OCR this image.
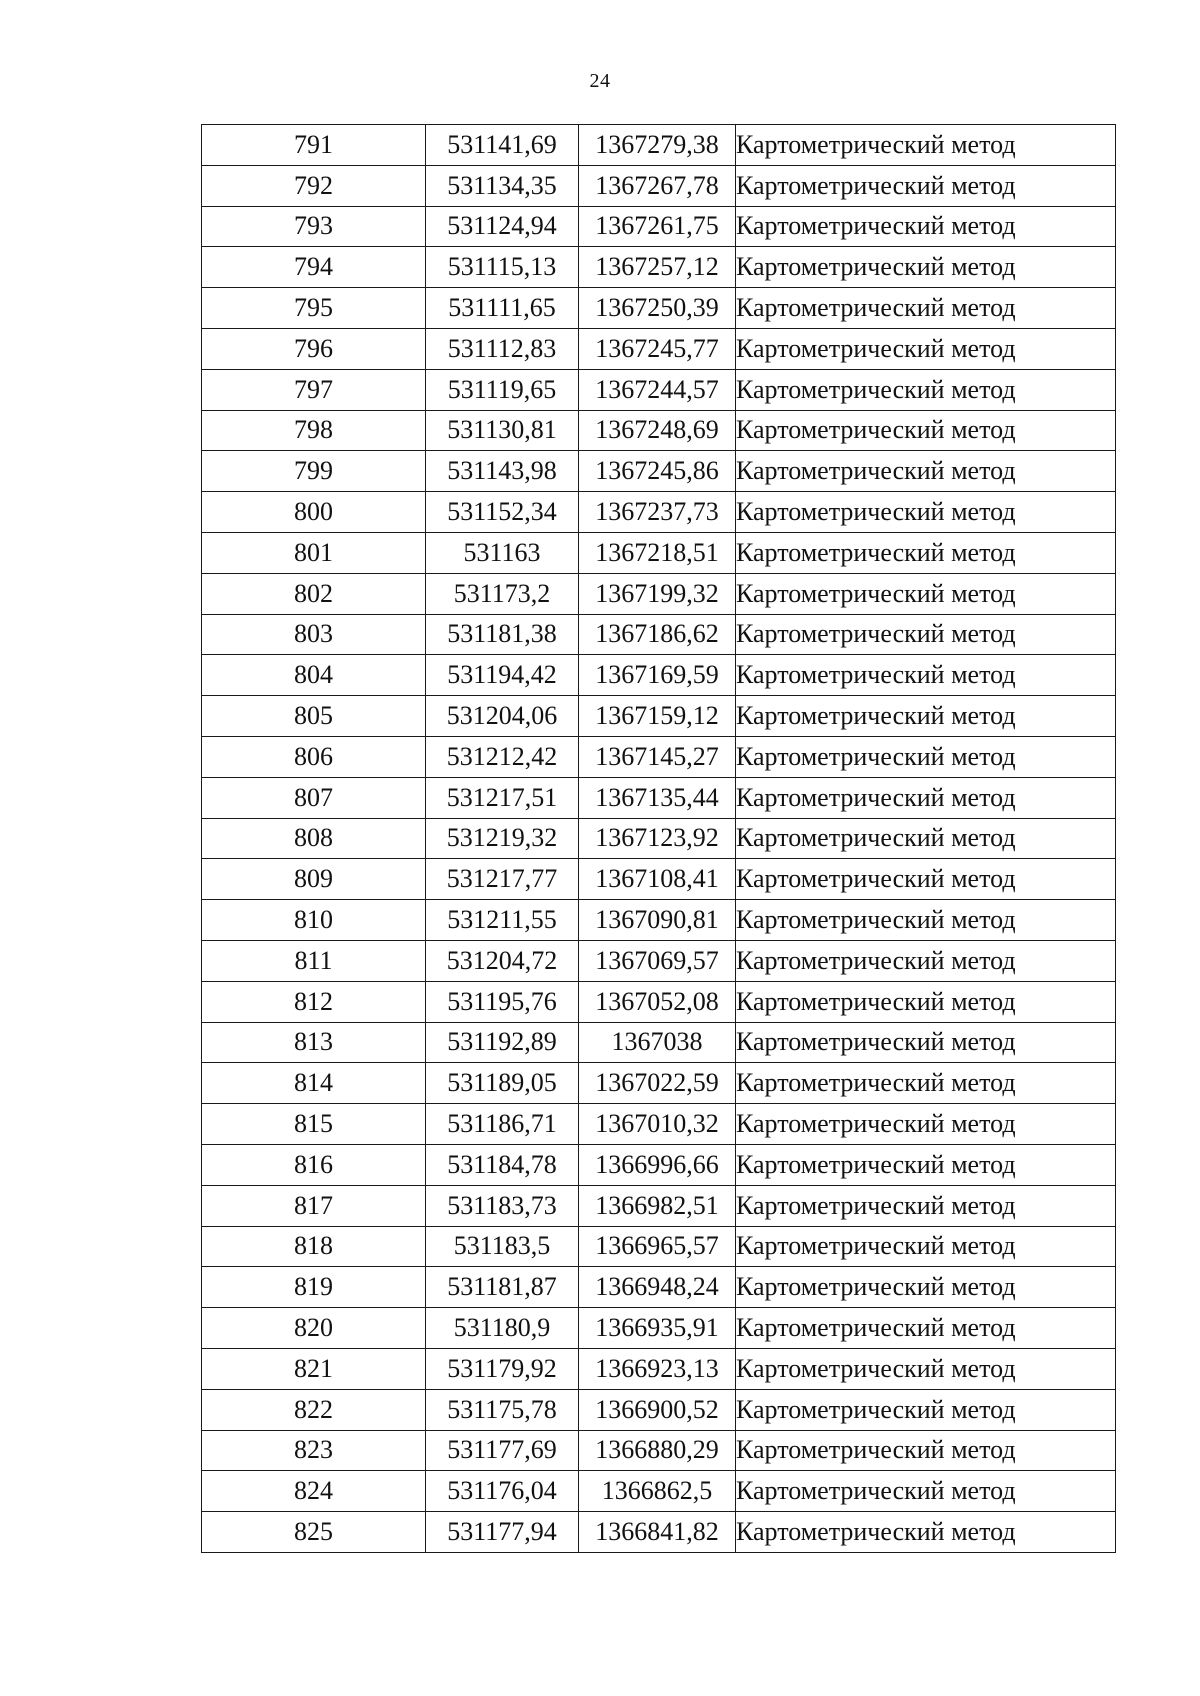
24
791	531141,69	1367279,38	Картометрический метод
792	531134,35	1367267,78	Картометрический метод
793	531124,94	1367261,75	Картометрический метод
794	531115,13	1367257,12	Картометрический метод
795	531111,65	1367250,39	Картометрический метод
796	531112,83	1367245,77	Картометрический метод
797	531119,65	1367244,57	Картометрический метод
798	531130,81	1367248,69	Картометрический метод
799	531143,98	1367245,86	Картометрический метод
800	531152,34	1367237,73	Картометрический метод
801	531163	1367218,51	Картометрический метод
802	531173,2	1367199,32	Картометрический метод
803	531181,38	1367186,62	Картометрический метод
804	531194,42	1367169,59	Картометрический метод
805	531204,06	1367159,12	Картометрический метод
806	531212,42	1367145,27	Картометрический метод
807	531217,51	1367135,44	Картометрический метод
808	531219,32	1367123,92	Картометрический метод
809	531217,77	1367108,41	Картометрический метод
810	531211,55	1367090,81	Картометрический метод
811	531204,72	1367069,57	Картометрический метод
812	531195,76	1367052,08	Картометрический метод
813	531192,89	1367038	Картометрический метод
814	531189,05	1367022,59	Картометрический метод
815	531186,71	1367010,32	Картометрический метод
816	531184,78	1366996,66	Картометрический метод
817	531183,73	1366982,51	Картометрический метод
818	531183,5	1366965,57	Картометрический метод
819	531181,87	1366948,24	Картометрический метод
820	531180,9	1366935,91	Картометрический метод
821	531179,92	1366923,13	Картометрический метод
822	531175,78	1366900,52	Картометрический метод
823	531177,69	1366880,29	Картометрический метод
824	531176,04	1366862,5	Картометрический метод
825	531177,94	1366841,82	Картометрический метод
